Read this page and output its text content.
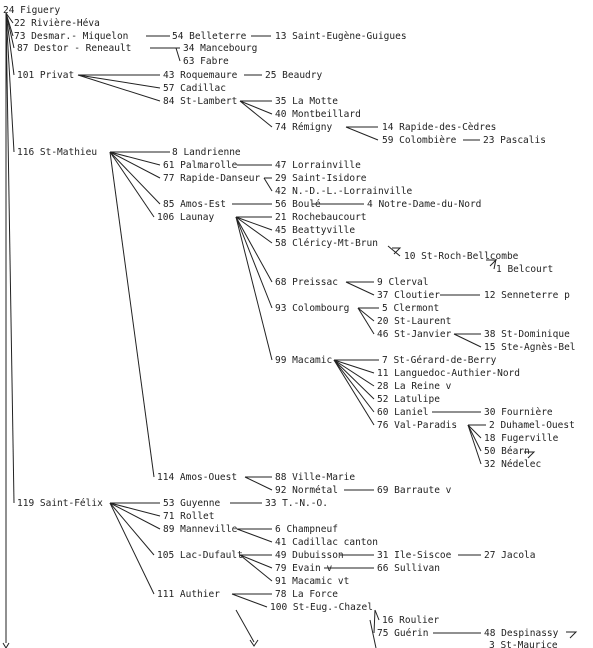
24 Figuery
22 Rivière-Héva
73 Desmar.- Miquelon
87 Destor - Reneault
101 Privat
116 St-Mathieu
119 Saint-Félix
54 Belleterre	13 Saint-Eugène-Guigues
34 Mancebourg
63 Fabre
43 Roquemaure	25 Beaudry
57 Cadillac
84 St-Lambert	35 La Motte
40 Montbeillard
74 Rémigny	14 Rapide-des-Cèdres
59 Colombière	23 Pascalis
8 Landrienne
61 Palmarolle	47 Lorrainville
77 Rapide-Danseur 29 Saint-Isidore
42 N.-D.-L.-Lorrainville
85 Amos-Est	56 Boulé	4 Notre-Dame-du-Nord
106 Launay	21 Rochebaucourt
45 Beattyville
58 Cléricy-Mt-Brun
10 St-Roch-Bellcombe
1 Belcourt
68 Preissac	9 Clerval
37 Cloutier	12 Senneterre p
93 Colombourg	5 Clermont
20 St-Laurent
46 St-Janvier	38 St-Dominique
15 Ste-Agnès-Bel
99 Macamic	7 St-Gérard-de-Berry
11 Languedoc-Authier-Nord
28 La Reine v
52 Latulipe
60 Laniel	30 Fournière
76 Val-Paradis	2 Duhamel-Ouest
18 Fugerville
50 Béarn
32 Nédelec
114 Amos-Ouest	88 Ville-Marie
92 Normétal	69 Barraute v
53 Guyenne	33 T.-N.-O.
71 Rollet
89 Manneville	6 Champneuf
41 Cadillac canton
105 Lac-Dufault	49 Dubuisson	31 Ile-Siscoe	27 Jacola
79 Evain v	66 Sullivan
91 Macamic vt
111 Authier	78 La Force
100 St-Eug.-Chazel
16 Roulier
75 Guérin	48 Despinassy
3 St-Maurice
